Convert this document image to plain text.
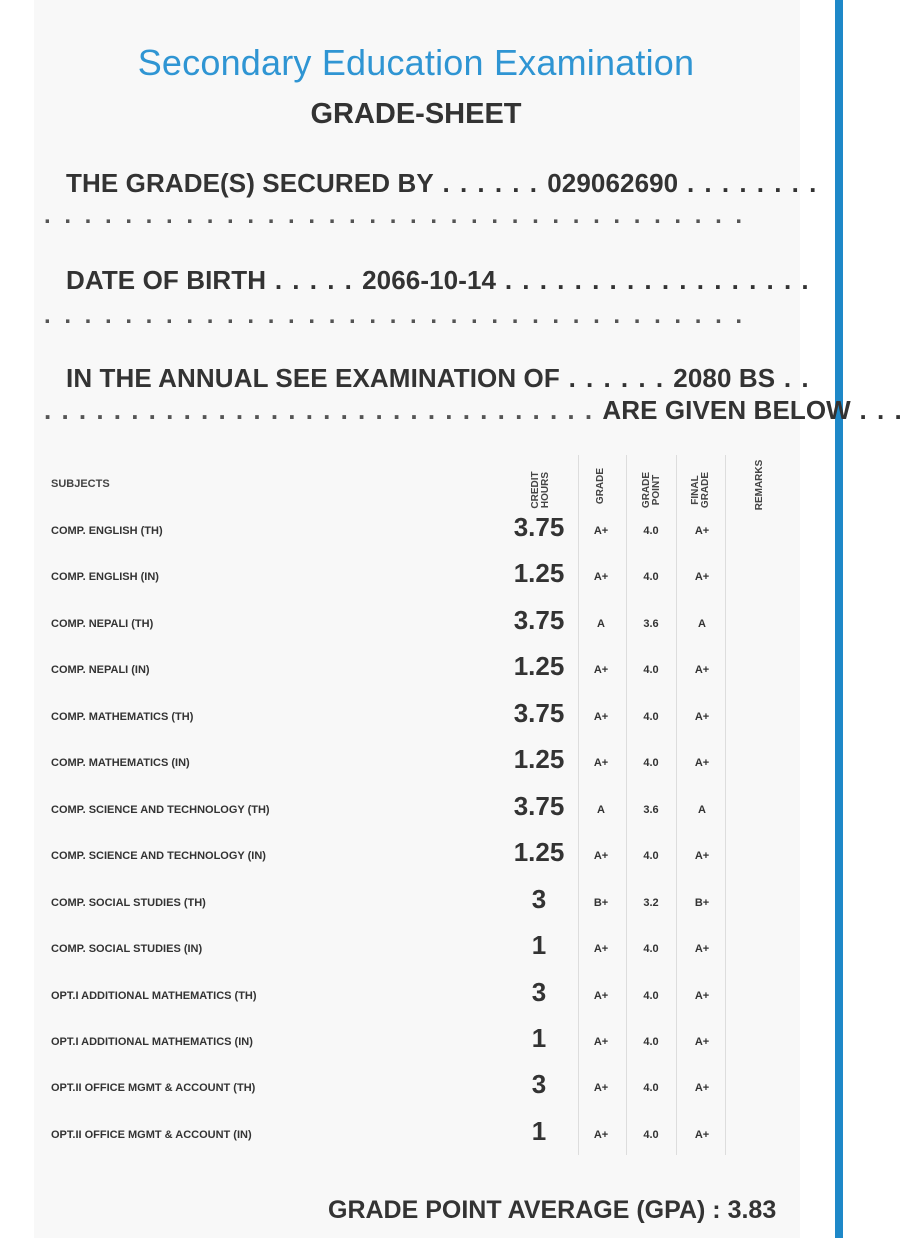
Secondary Education Examination
GRADE-SHEET
THE GRADE(S) SECURED BY . . . . . . 029062690 . . . . . . . .
. . . . . . . . . . . . . . . . . . . . . . . . . . . . . . . . . . .
DATE OF BIRTH . . . . . 2066-10-14 . . . . . . . . . . . . . . . . . .
. . . . . . . . . . . . . . . . . . . . . . . . . . . . . . . . . . .
IN THE ANNUAL SEE EXAMINATION OF . . . . . . 2080 BS . .
. . . . . . . . . . . . . . . . . . . . . . . . . . . . . . . . ARE GIVEN BELOW . . .
SUBJECTS	CREDIT HOURS	GRADE	GRADE POINT	FINAL GRADE	REMARKS
COMP. ENGLISH (TH)	3.75	A+	4.0	A+
COMP. ENGLISH (IN)	1.25	A+	4.0	A+
COMP. NEPALI (TH)	3.75	A	3.6	A
COMP. NEPALI (IN)	1.25	A+	4.0	A+
COMP. MATHEMATICS (TH)	3.75	A+	4.0	A+
COMP. MATHEMATICS (IN)	1.25	A+	4.0	A+
COMP. SCIENCE AND TECHNOLOGY (TH)	3.75	A	3.6	A
COMP. SCIENCE AND TECHNOLOGY (IN)	1.25	A+	4.0	A+
COMP. SOCIAL STUDIES (TH)	3	B+	3.2	B+
COMP. SOCIAL STUDIES (IN)	1	A+	4.0	A+
OPT.I ADDITIONAL MATHEMATICS (TH)	3	A+	4.0	A+
OPT.I ADDITIONAL MATHEMATICS (IN)	1	A+	4.0	A+
OPT.II OFFICE MGMT & ACCOUNT (TH)	3	A+	4.0	A+
OPT.II OFFICE MGMT & ACCOUNT (IN)	1	A+	4.0	A+
GRADE POINT AVERAGE (GPA) : 3.83
